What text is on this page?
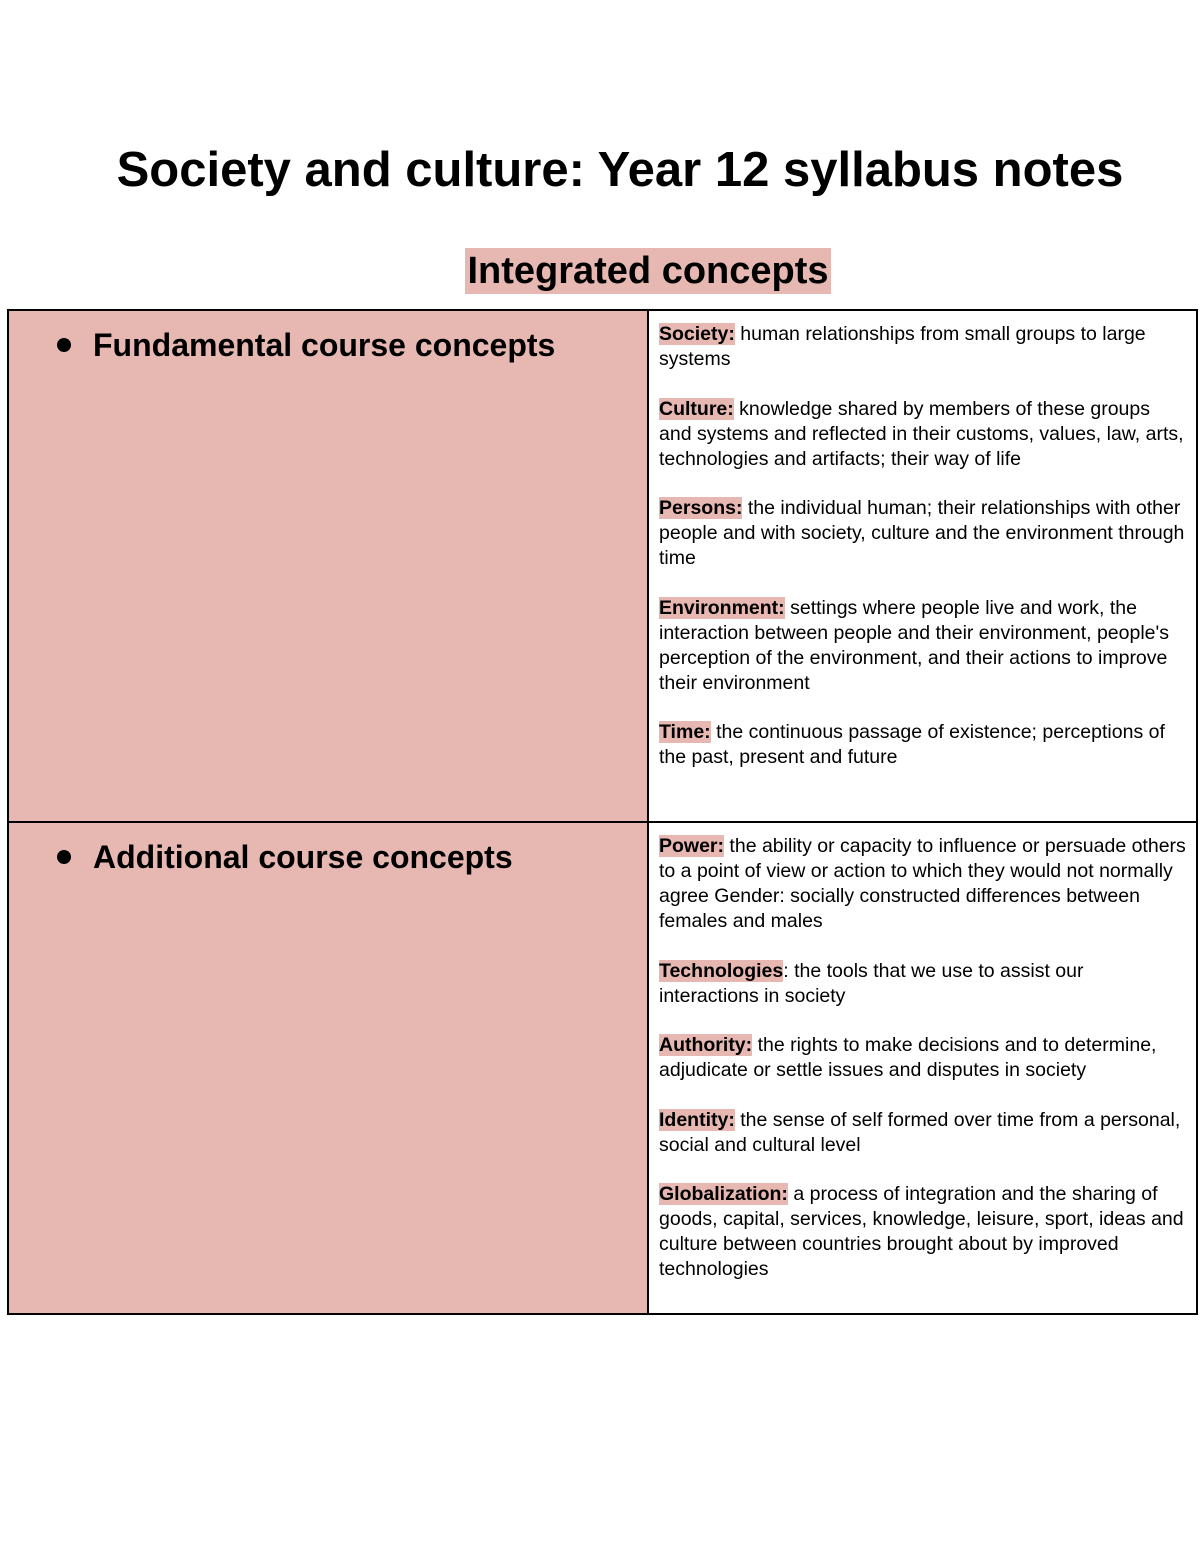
Society and culture: Year 12 syllabus notes
Integrated concepts
Fundamental course concepts	Society: human relationships from small groups to large systems

Culture: knowledge shared by members of these groups and systems and reflected in their customs, values, law, arts, technologies and artifacts; their way of life

Persons: the individual human; their relationships with other people and with society, culture and the environment through time

Environment: settings where people live and work, the interaction between people and their environment, people's perception of the environment, and their actions to improve their environment

Time: the continuous passage of existence; perceptions of the past, present and future

Additional course concepts	Power: the ability or capacity to influence or persuade others to a point of view or action to which they would not normally agree Gender: socially constructed differences between females and males

Technologies: the tools that we use to assist our interactions in society

Authority: the rights to make decisions and to determine, adjudicate or settle issues and disputes in society

Identity: the sense of self formed over time from a personal, social and cultural level

Globalization: a process of integration and the sharing of goods, capital, services, knowledge, leisure, sport, ideas and culture between countries brought about by improved technologies
